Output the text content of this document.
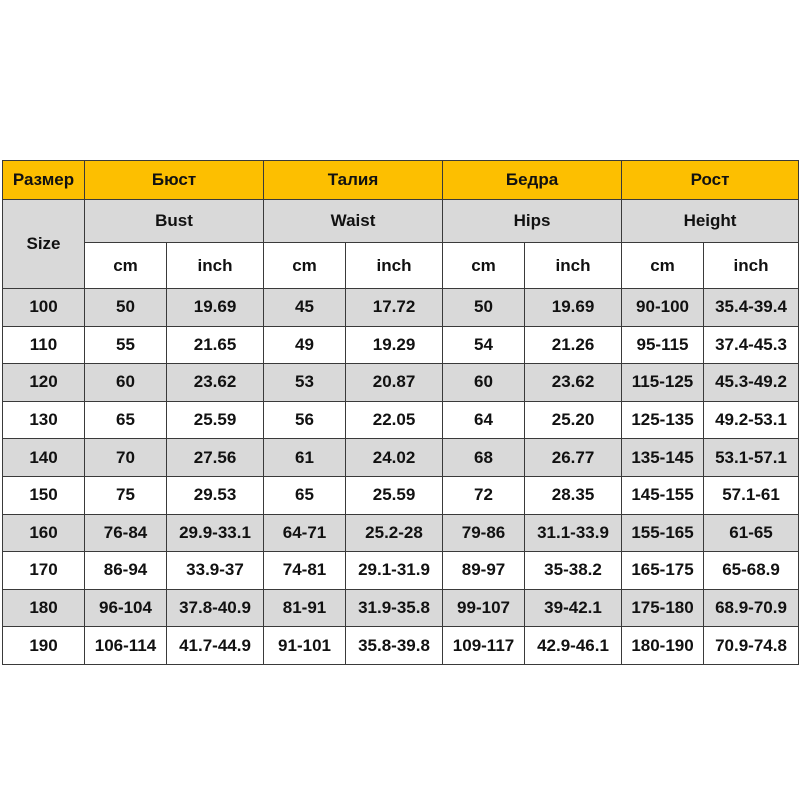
Размер	Бюст		Талия		Бедра		Рост	
Size	Bust		Waist		Hips		Height	
	cm	inch	cm	inch	cm	inch	cm	inch
100	50	19.69	45	17.72	50	19.69	90-100	35.4-39.4
110	55	21.65	49	19.29	54	21.26	95-115	37.4-45.3
120	60	23.62	53	20.87	60	23.62	115-125	45.3-49.2
130	65	25.59	56	22.05	64	25.20	125-135	49.2-53.1
140	70	27.56	61	24.02	68	26.77	135-145	53.1-57.1
150	75	29.53	65	25.59	72	28.35	145-155	57.1-61
160	76-84	29.9-33.1	64-71	25.2-28	79-86	31.1-33.9	155-165	61-65
170	86-94	33.9-37	74-81	29.1-31.9	89-97	35-38.2	165-175	65-68.9
180	96-104	37.8-40.9	81-91	31.9-35.8	99-107	39-42.1	175-180	68.9-70.9
190	106-114	41.7-44.9	91-101	35.8-39.8	109-117	42.9-46.1	180-190	70.9-74.8
